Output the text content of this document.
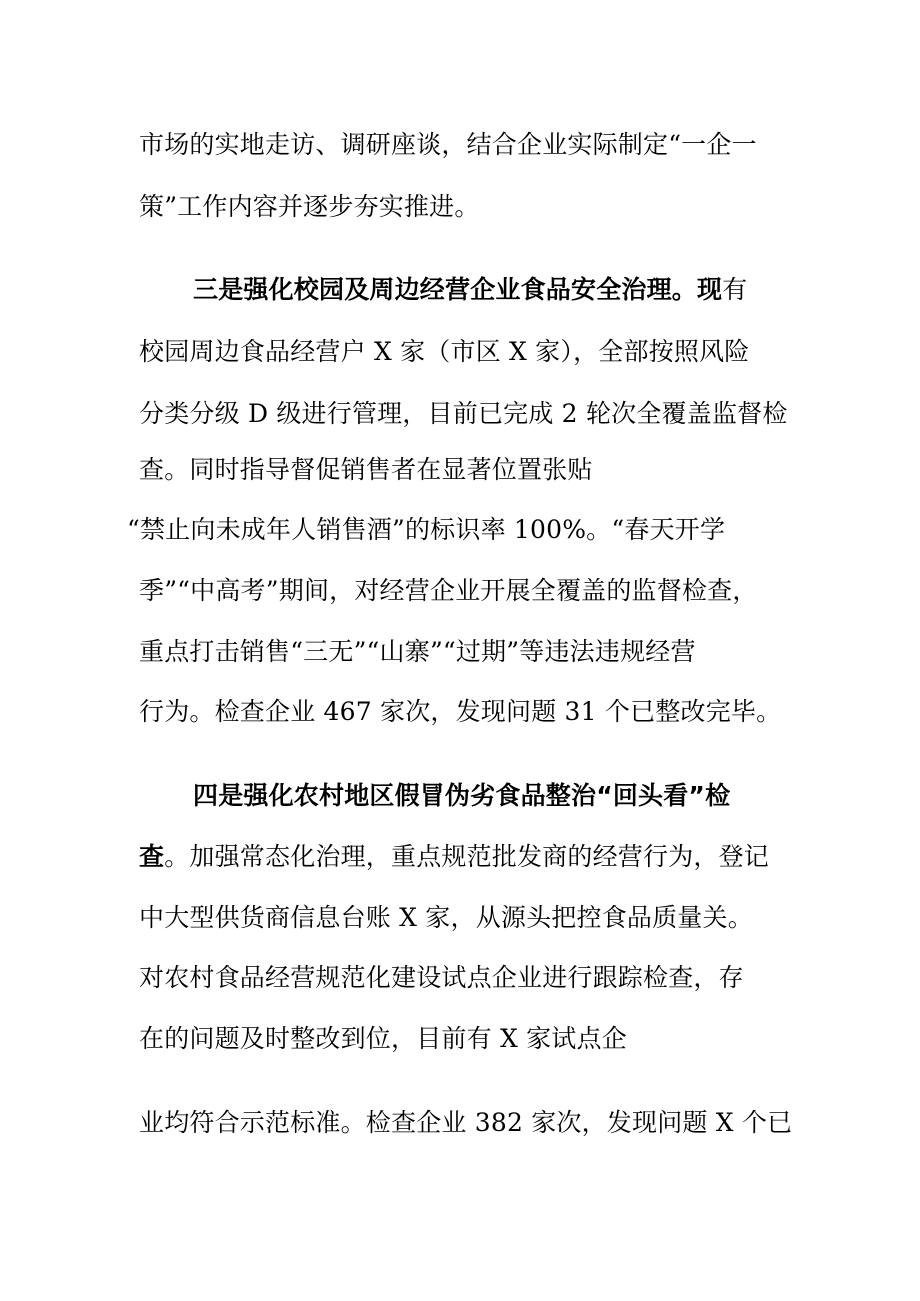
市场的实地走访、调研座谈，结合企业实际制定“一企一
策”工作内容并逐步夯实推进。
三是强化校园及周边经营企业食品安全治理。现有
校园周边食品经营户 X 家（市区 X 家），全部按照风险
分类分级 D 级进行管理，目前已完成 2 轮次全覆盖监督检
查。同时指导督促销售者在显著位置张贴
“禁止向未成年人销售酒”的标识率 100%。“春天开学
季”“中高考”期间，对经营企业开展全覆盖的监督检查，
重点打击销售“三无”“山寨”“过期”等违法违规经营
行为。检查企业 467 家次，发现问题 31 个已整改完毕。
四是强化农村地区假冒伪劣食品整治“回头看”检
查。加强常态化治理，重点规范批发商的经营行为，登记
中大型供货商信息台账 X 家，从源头把控食品质量关。
对农村食品经营规范化建设试点企业进行跟踪检查，存
在的问题及时整改到位，目前有 X 家试点企
业均符合示范标准。检查企业 382 家次，发现问题 X 个已
